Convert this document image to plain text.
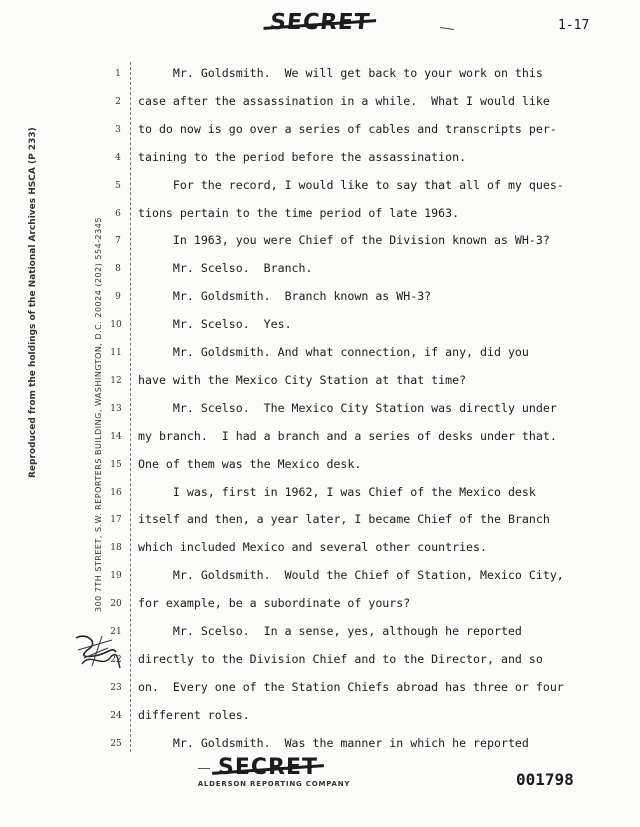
SECRET	1-17
Reproduced from the holdings of the National Archives HSCA (P 233)	300 7TH STREET, S.W. REPORTERS BUILDING, WASHINGTON, D.C. 20024 (202) 554-2345
1	Mr. Goldsmith.  We will get back to your work on this
2	case after the assassination in a while.  What I would like
3	to do now is go over a series of cables and transcripts per-
4	taining to the period before the assassination.
5	For the record, I would like to say that all of my ques-
6	tions pertain to the time period of late 1963.
7	In 1963, you were Chief of the Division known as WH-3?
8	Mr. Scelso.  Branch.
9	Mr. Goldsmith.  Branch known as WH-3?
10	Mr. Scelso.  Yes.
11	Mr. Goldsmith. And what connection, if any, did you
12	have with the Mexico City Station at that time?
13	Mr. Scelso.  The Mexico City Station was directly under
14	my branch.  I had a branch and a series of desks under that.
15	One of them was the Mexico desk.
16	I was, first in 1962, I was Chief of the Mexico desk
17	itself and then, a year later, I became Chief of the Branch
18	which included Mexico and several other countries.
19	Mr. Goldsmith.  Would the Chief of Station, Mexico City,
20	for example, be a subordinate of yours?
21	Mr. Scelso.  In a sense, yes, although he reported
22	directly to the Division Chief and to the Director, and so
23	on.  Every one of the Station Chiefs abroad has three or four
24	different roles.
25	Mr. Goldsmith.  Was the manner in which he reported
SECRET
ALDERSON REPORTING COMPANY	001798
